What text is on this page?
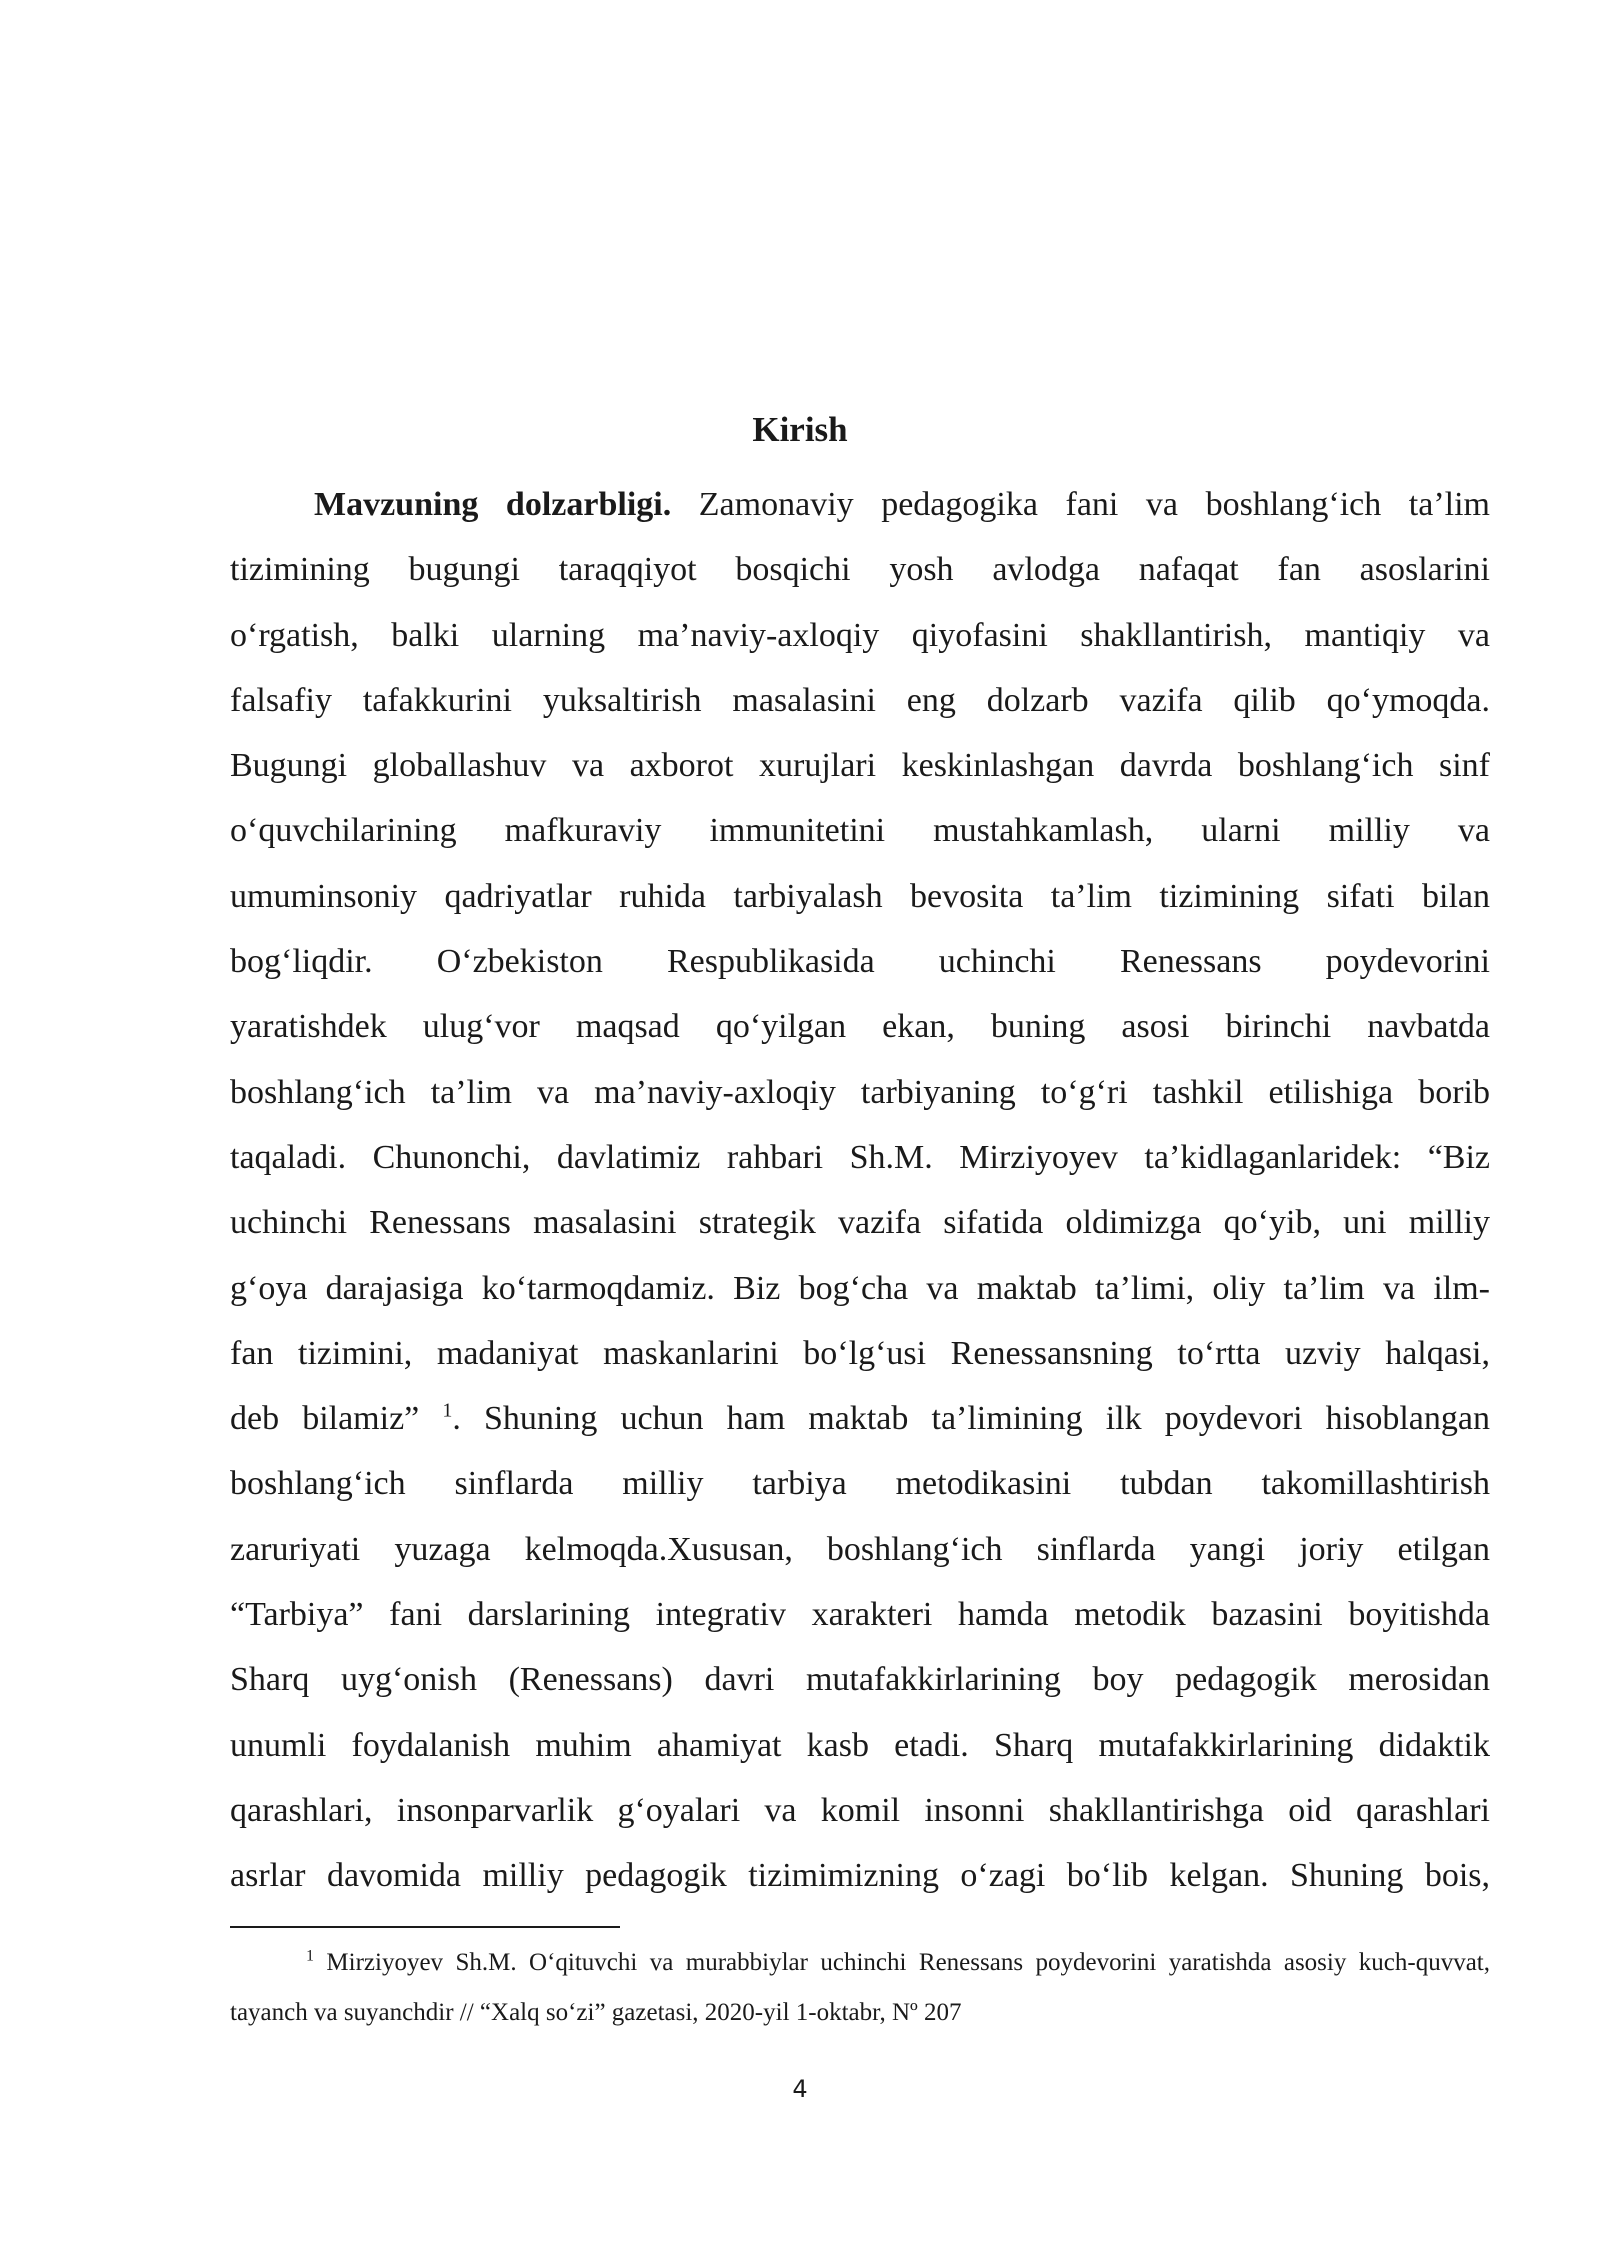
Kirish
Mavzuning dolzarbligi. Zamonaviy pedagogika fani va boshlang‘ich ta’lim
tizimining bugungi taraqqiyot bosqichi yosh avlodga nafaqat fan asoslarini
o‘rgatish, balki ularning ma’naviy-axloqiy qiyofasini shakllantirish, mantiqiy va
falsafiy tafakkurini yuksaltirish masalasini eng dolzarb vazifa qilib qo‘ymoqda.
Bugungi globallashuv va axborot xurujlari keskinlashgan davrda boshlang‘ich sinf
o‘quvchilarining mafkuraviy immunitetini mustahkamlash, ularni milliy va
umuminsoniy qadriyatlar ruhida tarbiyalash bevosita ta’lim tizimining sifati bilan
bog‘liqdir. O‘zbekiston Respublikasida uchinchi Renessans poydevorini
yaratishdek ulug‘vor maqsad qo‘yilgan ekan, buning asosi birinchi navbatda
boshlang‘ich ta’lim va ma’naviy-axloqiy tarbiyaning to‘g‘ri tashkil etilishiga borib
taqaladi. Chunonchi, davlatimiz rahbari Sh.M. Mirziyoyev ta’kidlaganlaridek: “Biz
uchinchi Renessans masalasini strategik vazifa sifatida oldimizga qo‘yib, uni milliy
g‘oya darajasiga ko‘tarmoqdamiz. Biz bog‘cha va maktab ta’limi, oliy ta’lim va ilm-
fan tizimini, madaniyat maskanlarini bo‘lg‘usi Renessansning to‘rtta uzviy halqasi,
deb bilamiz” $^1$. Shuning uchun ham maktab ta’limining ilk poydevori hisoblangan
boshlang‘ich sinflarda milliy tarbiya metodikasini tubdan takomillashtirish
zaruriyati yuzaga kelmoqda.Xususan, boshlang‘ich sinflarda yangi joriy etilgan
“Tarbiya” fani darslarining integrativ xarakteri hamda metodik bazasini boyitishda
Sharq uyg‘onish (Renessans) davri mutafakkirlarining boy pedagogik merosidan
unumli foydalanish muhim ahamiyat kasb etadi. Sharq mutafakkirlarining didaktik
qarashlari, insonparvarlik g‘oyalari va komil insonni shakllantirishga oid qarashlari
asrlar davomida milliy pedagogik tizimimizning o‘zagi bo‘lib kelgan. Shuning bois,
$^1$ Mirziyoyev Sh.M. O‘qituvchi va murabbiylar uchinchi Renessans poydevorini yaratishda asosiy kuch-quvvat,
tayanch va suyanchdir // “Xalq so‘zi” gazetasi, 2020-yil 1-oktabr, Nº 207
4
